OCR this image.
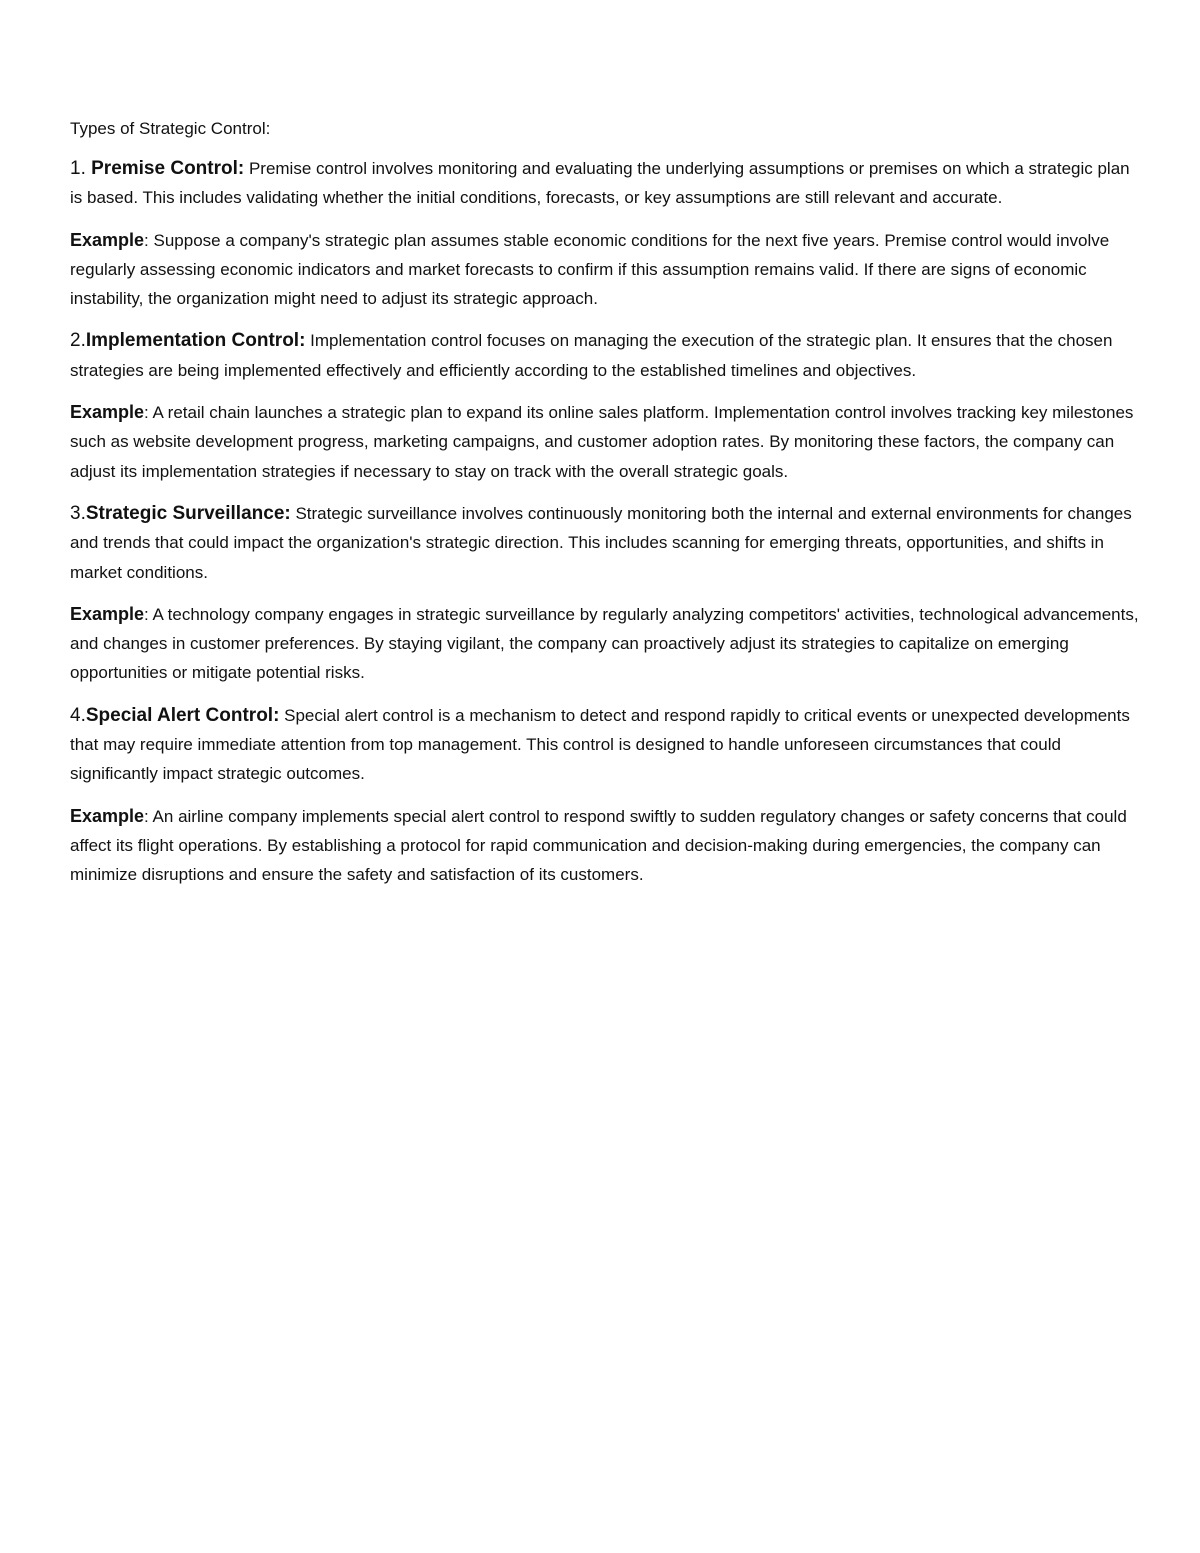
Types of Strategic Control:

1. Premise Control: Premise control involves monitoring and evaluating the underlying assumptions or premises on which a strategic plan is based. This includes validating whether the initial conditions, forecasts, or key assumptions are still relevant and accurate.

Example: Suppose a company's strategic plan assumes stable economic conditions for the next five years. Premise control would involve regularly assessing economic indicators and market forecasts to confirm if this assumption remains valid. If there are signs of economic instability, the organization might need to adjust its strategic approach.

2.Implementation Control: Implementation control focuses on managing the execution of the strategic plan. It ensures that the chosen strategies are being implemented effectively and efficiently according to the established timelines and objectives.

Example: A retail chain launches a strategic plan to expand its online sales platform. Implementation control involves tracking key milestones such as website development progress, marketing campaigns, and customer adoption rates. By monitoring these factors, the company can adjust its implementation strategies if necessary to stay on track with the overall strategic goals.

3.Strategic Surveillance: Strategic surveillance involves continuously monitoring both the internal and external environments for changes and trends that could impact the organization's strategic direction. This includes scanning for emerging threats, opportunities, and shifts in market conditions.

Example: A technology company engages in strategic surveillance by regularly analyzing competitors' activities, technological advancements, and changes in customer preferences. By staying vigilant, the company can proactively adjust its strategies to capitalize on emerging opportunities or mitigate potential risks.

4.Special Alert Control: Special alert control is a mechanism to detect and respond rapidly to critical events or unexpected developments that may require immediate attention from top management. This control is designed to handle unforeseen circumstances that could significantly impact strategic outcomes.

Example: An airline company implements special alert control to respond swiftly to sudden regulatory changes or safety concerns that could affect its flight operations. By establishing a protocol for rapid communication and decision-making during emergencies, the company can minimize disruptions and ensure the safety and satisfaction of its customers.
